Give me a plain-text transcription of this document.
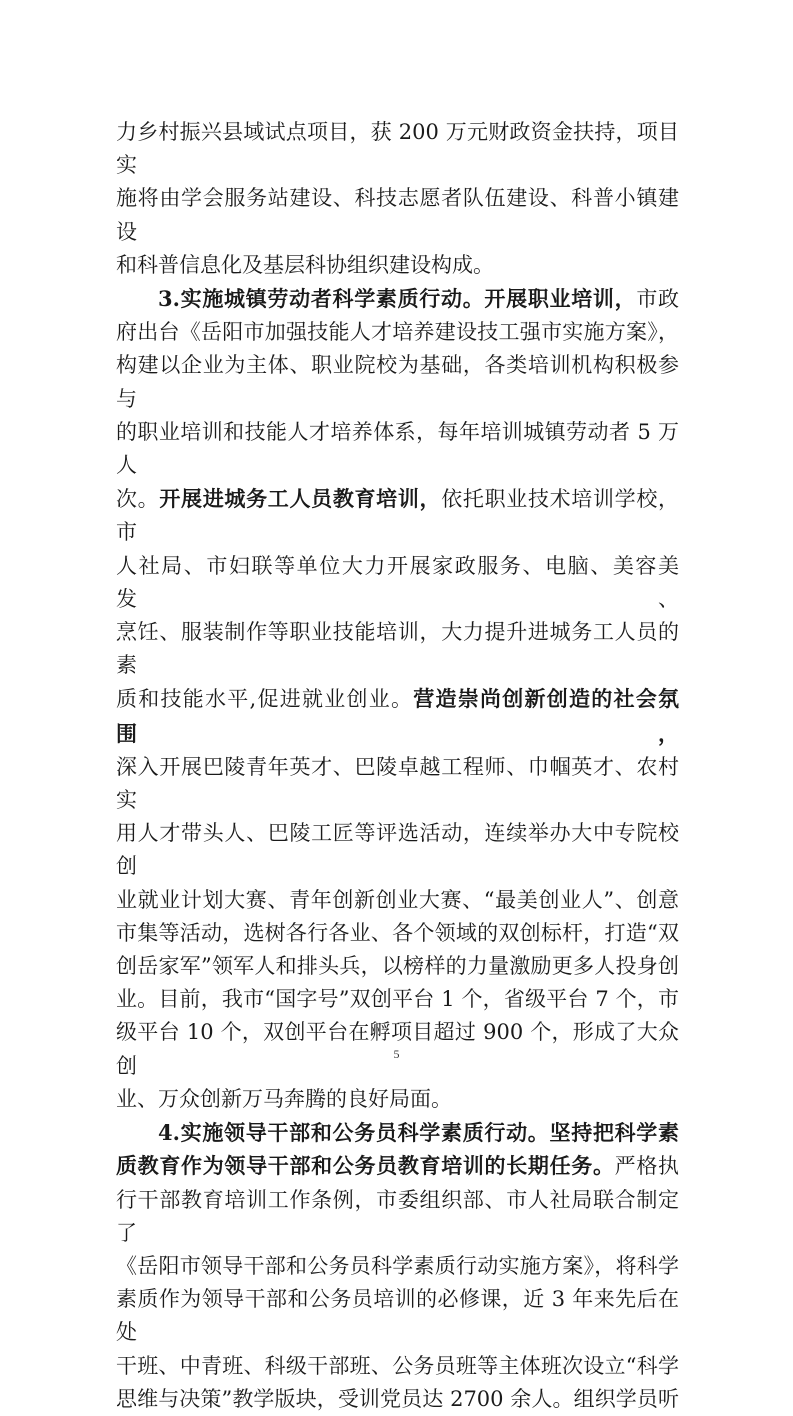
力乡村振兴县域试点项目，获 200 万元财政资金扶持，项目实

施将由学会服务站建设、科技志愿者队伍建设、科普小镇建设

和科普信息化及基层科协组织建设构成。

3.实施城镇劳动者科学素质行动。开展职业培训，市政

府出台《岳阳市加强技能人才培养建设技工强市实施方案》，

构建以企业为主体、职业院校为基础，各类培训机构积极参与

的职业培训和技能人才培养体系，每年培训城镇劳动者 5 万人

次。开展进城务工人员教育培训，依托职业技术培训学校，市

人社局、市妇联等单位大力开展家政服务、电脑、美容美发、

烹饪、服装制作等职业技能培训，大力提升进城务工人员的素

质和技能水平,促进就业创业。营造崇尚创新创造的社会氛围，

深入开展巴陵青年英才、巴陵卓越工程师、巾帼英才、农村实

用人才带头人、巴陵工匠等评选活动，连续举办大中专院校创

业就业计划大赛、青年创新创业大赛、“最美创业人”、创意

市集等活动，选树各行各业、各个领域的双创标杆，打造“双

创岳家军”领军人和排头兵，以榜样的力量激励更多人投身创

业。目前，我市“国字号”双创平台 1 个，省级平台 7 个，市

级平台 10 个，双创平台在孵项目超过 900 个，形成了大众创

业、万众创新万马奔腾的良好局面。

4.实施领导干部和公务员科学素质行动。坚持把科学素

质教育作为领导干部和公务员教育培训的长期任务。严格执

行干部教育培训工作条例，市委组织部、市人社局联合制定了

《岳阳市领导干部和公务员科学素质行动实施方案》，将科学

素质作为领导干部和公务员培训的必修课，近 3 年来先后在处

干班、中青班、科级干部班、公务员班等主体班次设立“科学

思维与决策”教学版块，受训党员达 2700 余人。组织学员听

5
